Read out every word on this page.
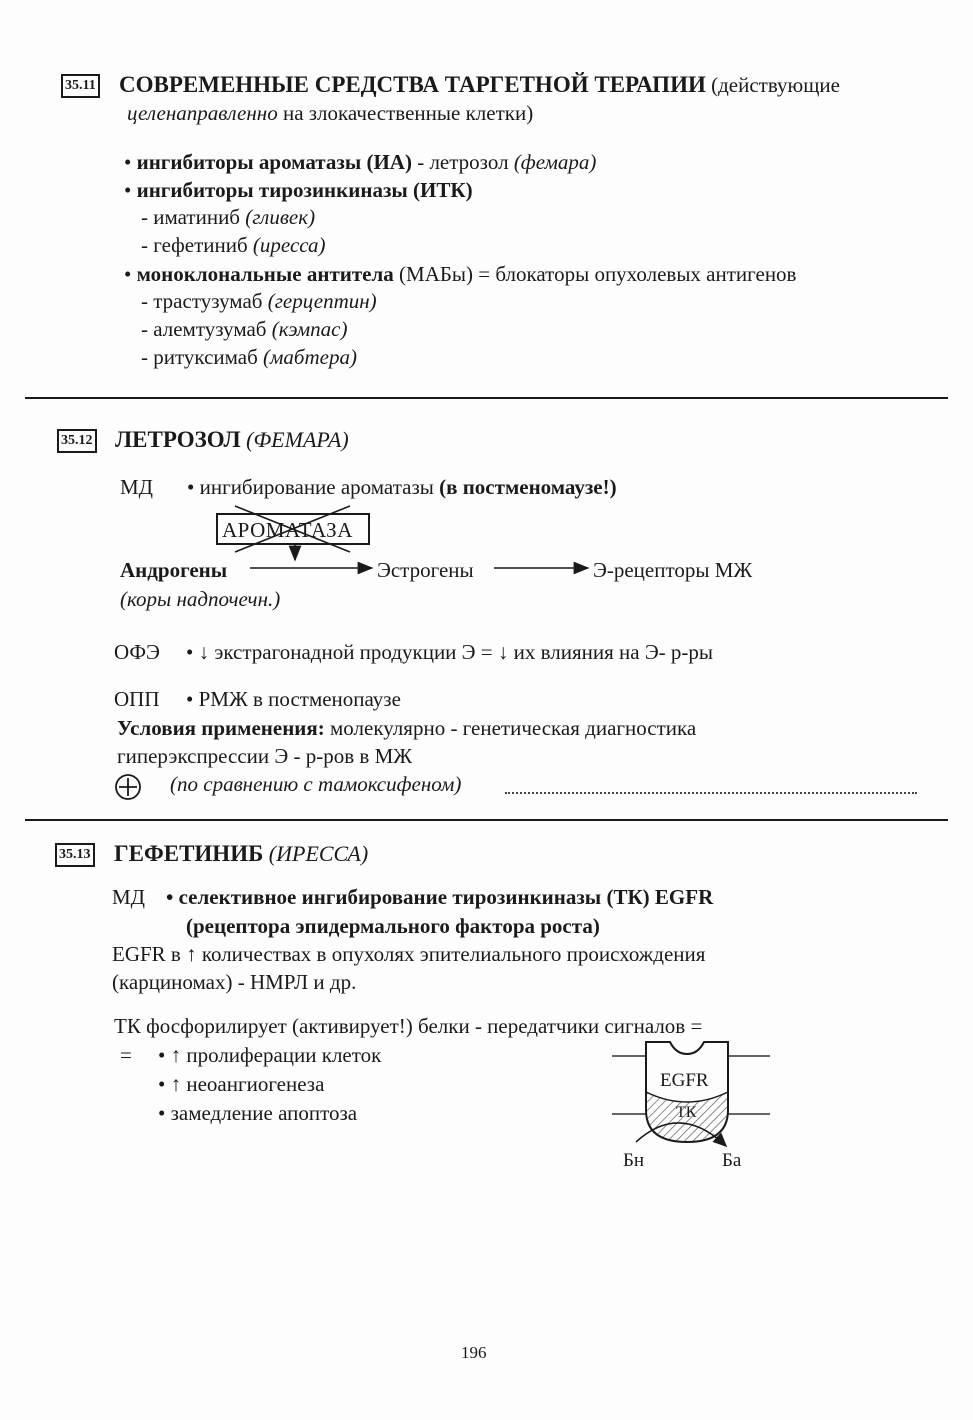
35.11 СОВРЕМЕННЫЕ СРЕДСТВА ТАРГЕТНОЙ ТЕРАПИИ (действующие
целенаправленно на злокачественные клетки)
• ингибиторы ароматазы (ИА) - летрозол (фемара)
• ингибиторы тирозинкиназы (ИТК)
- иматиниб (гливек)
- гефетиниб (иресса)
• моноклональные антитела (МАБы) = блокаторы опухолевых антигенов
- трастузумаб (герцептин)
- алемтузумаб (кэмпас)
- ритуксимаб (мабтера)
35.12 ЛЕТРОЗОЛ (ФЕМАРА)
МД • ингибирование ароматазы (в постменомаузе!)
АРОМАТАЗА
Андрогены	Эстрогены	Э-рецепторы МЖ
(коры надпочечн.)
ОФЭ • ↓ экстрагонадной продукции Э = ↓ их влияния на Э- р-ры
ОПП • РМЖ в постменопаузе
Условия применения: молекулярно - генетическая диагностика
гиперэкспрессии Э - р-ров в МЖ
(по сравнению с тамоксифеном)
35.13 ГЕФЕТИНИБ (ИРЕССА)
МД • селективное ингибирование тирозинкиназы (ТК) EGFR
(рецептора эпидермального фактора роста)
EGFR в ↑ количествах в опухолях эпителиального происхождения
(карциномах) - НМРЛ и др.
ТК фосфорилирует (активирует!) белки - передатчики сигналов =
= • ↑ пролиферации клеток
• ↑ неоангиогенеза
• замедление апоптоза
EGFR
ТК
Бн	Ба
196
